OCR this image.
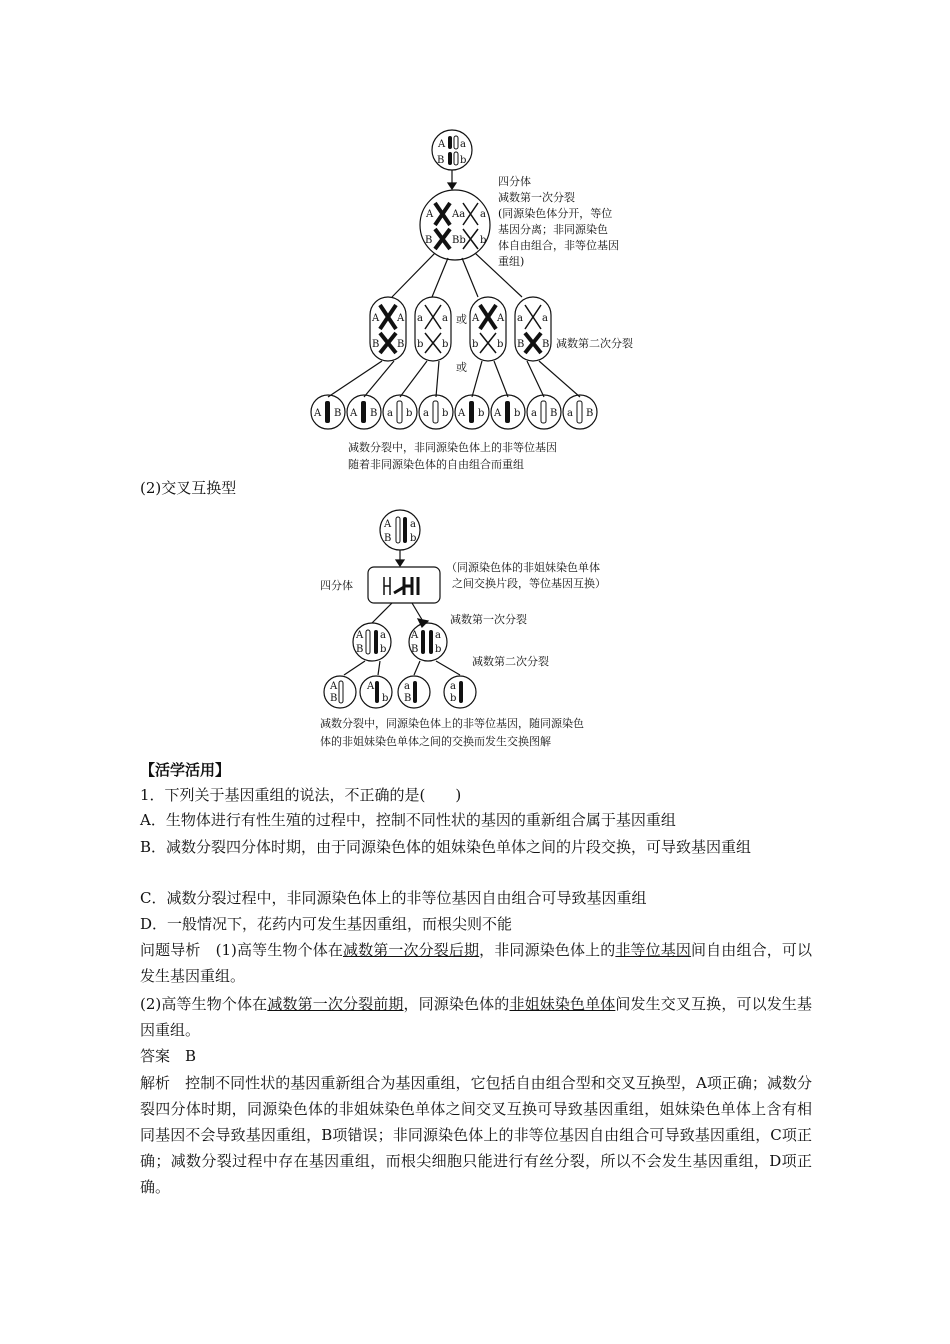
A a
B b
A Aa a
B Bb b
A A
B B
a a
b b
A A
b b
a a
B B
A B A B a b a b A b A b a B a B
四分体
减数第一次分裂
(同源染色体分开，等位
基因分离；非同源染色
体自由组合，非等位基因
重组)
或
或
减数第二次分裂
减数分裂中，非同源染色体上的非等位基因
随着非同源染色体的自由组合而重组
(2)交叉互换型
A a
B b
A a
B b
A a
B b
A
B
A
b
a
B
a
b
四分体
（同源染色体的非姐妹染色单体
之间交换片段，等位基因互换）
减数第一次分裂
减数第二次分裂
减数分裂中，同源染色体上的非等位基因，随同源染色
体的非姐妹染色单体之间的交换而发生交换图解
【活学活用】
1．下列关于基因重组的说法，不正确的是(　　)
A．生物体进行有性生殖的过程中，控制不同性状的基因的重新组合属于基因重组
B．减数分裂四分体时期，由于同源染色体的姐妹染色单体之间的片段交换，可导致基因重组
C．减数分裂过程中，非同源染色体上的非等位基因自由组合可导致基因重组
D．一般情况下，花药内可发生基因重组，而根尖则不能
问题导析　(1)高等生物个体在减数第一次分裂后期，非同源染色体上的非等位基因间自由组合，可以发生基因重组。
(2)高等生物个体在减数第一次分裂前期，同源染色体的非姐妹染色单体间发生交叉互换，可以发生基因重组。
答案　B
解析　控制不同性状的基因重新组合为基因重组，它包括自由组合型和交叉互换型，A项正确；减数分裂四分体时期，同源染色体的非姐妹染色单体之间交叉互换可导致基因重组，姐妹染色单体上含有相同基因不会导致基因重组，B项错误；非同源染色体上的非等位基因自由组合可导致基因重组，C项正确；减数分裂过程中存在基因重组，而根尖细胞只能进行有丝分裂，所以不会发生基因重组，D项正确。
